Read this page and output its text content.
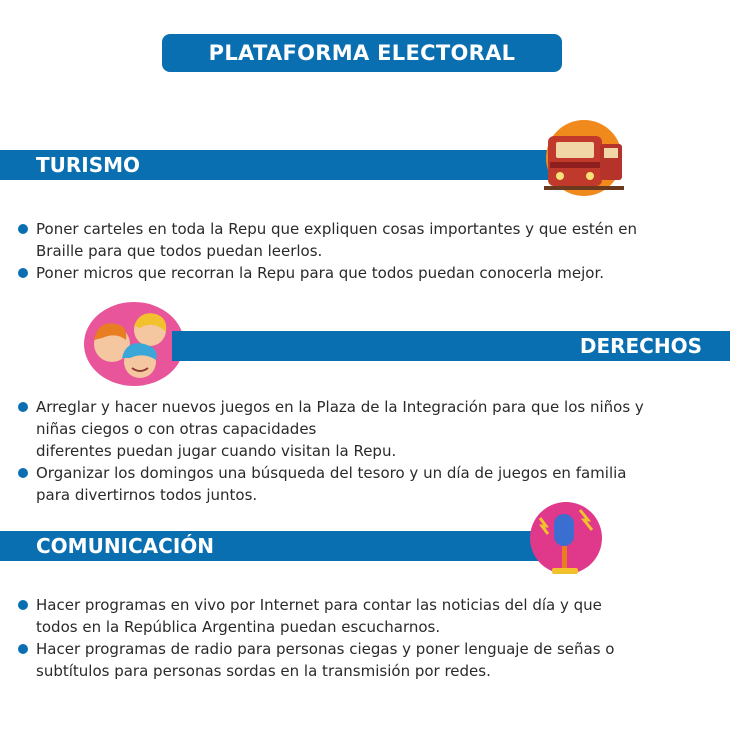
PLATAFORMA ELECTORAL
TURISMO
Poner carteles en toda la Repu que expliquen cosas importantes y que estén en
Braille para que todos puedan leerlos.
Poner micros que recorran la Repu para que todos puedan conocerla mejor.
DERECHOS
Arreglar y hacer nuevos juegos en la Plaza de la Integración para que los niños y
niñas ciegos o con otras capacidades
diferentes puedan jugar cuando visitan la Repu.
Organizar los domingos una búsqueda del tesoro y un día de juegos en familia
para divertirnos todos juntos.
COMUNICACIÓN
Hacer programas en vivo por Internet para contar las noticias del día y que
todos en la República Argentina puedan escucharnos.
Hacer programas de radio para personas ciegas y poner lenguaje de señas o
subtítulos para personas sordas en la transmisión por redes.
